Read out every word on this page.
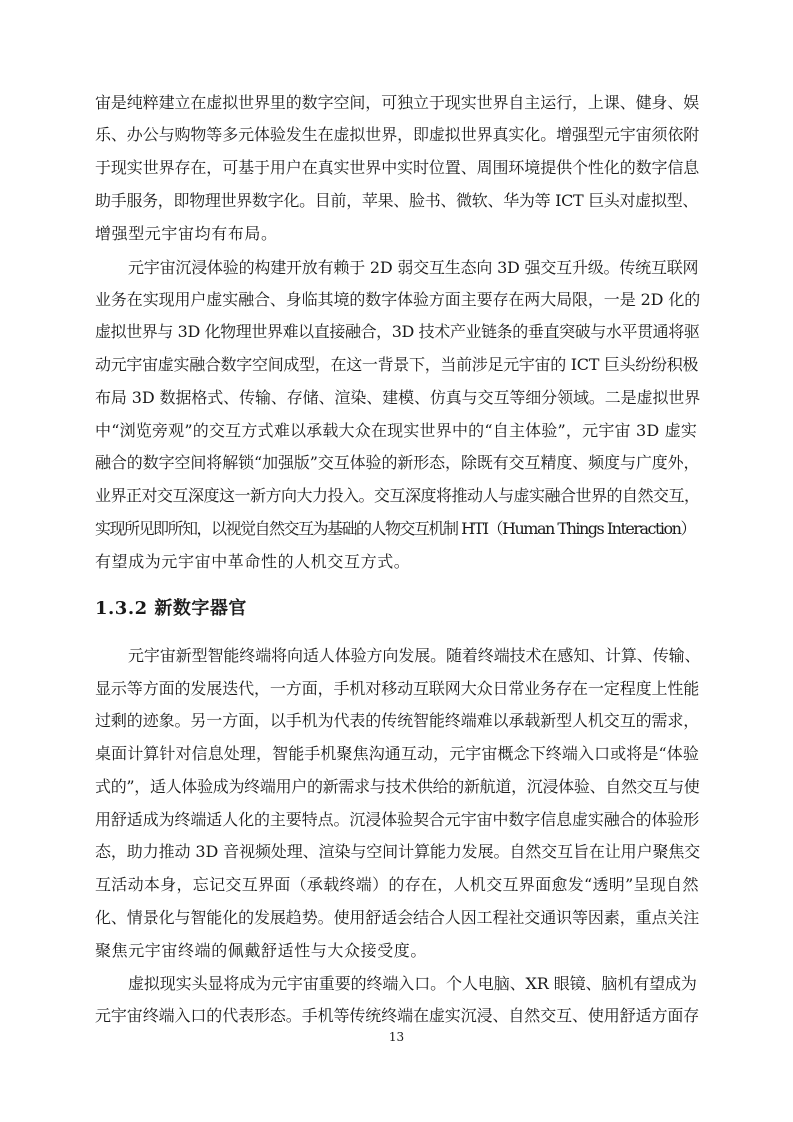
宙是纯粹建立在虚拟世界里的数字空间，可独立于现实世界自主运行，上课、健身、娱
乐、办公与购物等多元体验发生在虚拟世界，即虚拟世界真实化。增强型元宇宙须依附
于现实世界存在，可基于用户在真实世界中实时位置、周围环境提供个性化的数字信息
助手服务，即物理世界数字化。目前，苹果、脸书、微软、华为等 ICT 巨头对虚拟型、
增强型元宇宙均有布局。
元宇宙沉浸体验的构建开放有赖于 2D 弱交互生态向 3D 强交互升级。传统互联网
业务在实现用户虚实融合、身临其境的数字体验方面主要存在两大局限，一是 2D 化的
虚拟世界与 3D 化物理世界难以直接融合，3D 技术产业链条的垂直突破与水平贯通将驱
动元宇宙虚实融合数字空间成型，在这一背景下，当前涉足元宇宙的 ICT 巨头纷纷积极
布局 3D 数据格式、传输、存储、渲染、建模、仿真与交互等细分领域。二是虚拟世界
中“浏览旁观”的交互方式难以承载大众在现实世界中的“自主体验”，元宇宙 3D 虚实
融合的数字空间将解锁“加强版”交互体验的新形态，除既有交互精度、频度与广度外，
业界正对交互深度这一新方向大力投入。交互深度将推动人与虚实融合世界的自然交互，
实现所见即所知，以视觉自然交互为基础的人物交互机制 HTI（Human Things Interaction）
有望成为元宇宙中革命性的人机交互方式。
1.3.2 新数字器官
元宇宙新型智能终端将向适人体验方向发展。随着终端技术在感知、计算、传输、
显示等方面的发展迭代，一方面，手机对移动互联网大众日常业务存在一定程度上性能
过剩的迹象。另一方面，以手机为代表的传统智能终端难以承载新型人机交互的需求，
桌面计算针对信息处理，智能手机聚焦沟通互动，元宇宙概念下终端入口或将是“体验
式的”，适人体验成为终端用户的新需求与技术供给的新航道，沉浸体验、自然交互与使
用舒适成为终端适人化的主要特点。沉浸体验契合元宇宙中数字信息虚实融合的体验形
态，助力推动 3D 音视频处理、渲染与空间计算能力发展。自然交互旨在让用户聚焦交
互活动本身，忘记交互界面（承载终端）的存在，人机交互界面愈发“透明”呈现自然
化、情景化与智能化的发展趋势。使用舒适会结合人因工程社交通识等因素，重点关注
聚焦元宇宙终端的佩戴舒适性与大众接受度。
虚拟现实头显将成为元宇宙重要的终端入口。个人电脑、XR 眼镜、脑机有望成为
元宇宙终端入口的代表形态。手机等传统终端在虚实沉浸、自然交互、使用舒适方面存
13
